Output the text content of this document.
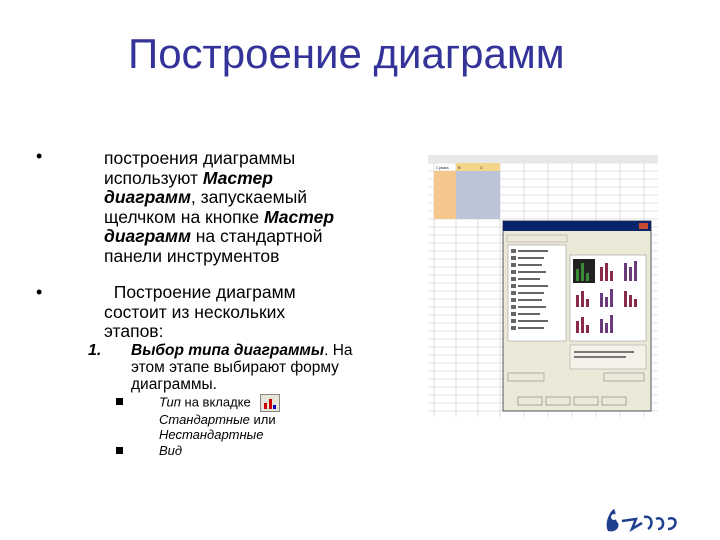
Построение диаграмм
•	построения диаграммы используют Мастер диаграмм, запускаемый щелчком на кнопке Мастер диаграмм на стандартной панели инструментов
•	Построение диаграмм состоит из нескольких этапов:
1. Выбор типа диаграммы. На этом этапе выбирают форму диаграммы.
Тип на вкладке

Стандартные или
Нестандартные
Вид
Сумма В	С
